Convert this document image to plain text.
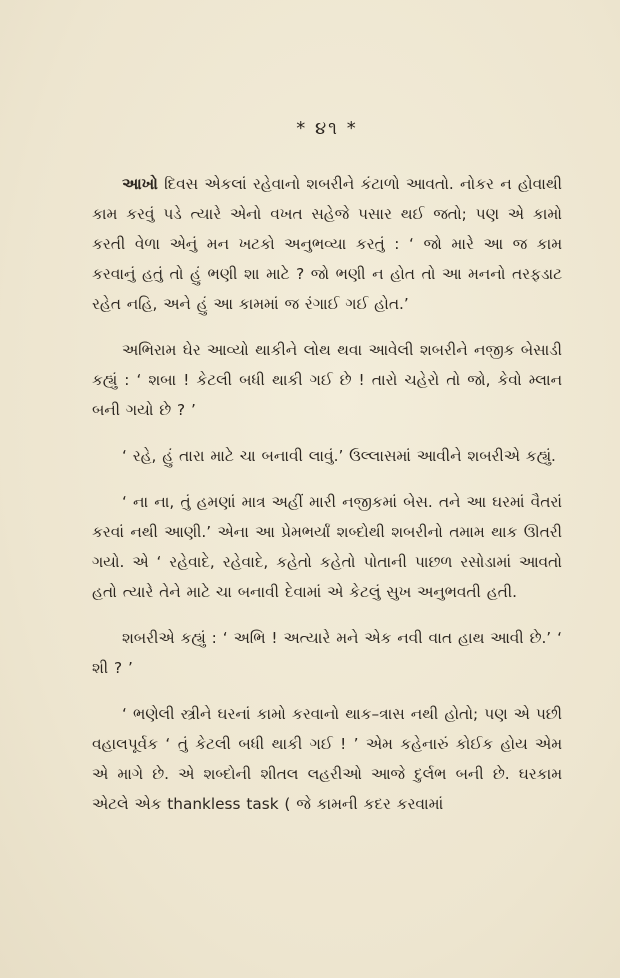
* ૪૧ *

આખો દિવસ એકલાં રહેવાનો શબરીને કંટાળો આવતો. નોકર ન હોવાથી કામ કરવું પડે ત્યારે એનો વખત સહેજે પસાર થઈ જતો; પણ એ કામો કરતી વેળા એનું મન ખટકો અનુભવ્યા કરતું : ‘ જો મારે આ જ કામ કરવાનું હતું તો હું ભણી શા માટે ? જો ભણી ન હોત તો આ મનનો તરફડાટ રહેત નહિ, અને હું આ કામમાં જ રંગાઈ ગઈ હોત.’

અભિરામ ઘેર આવ્યો થાકીને લોથ થવા આવેલી શબરીને નજીક બેસાડી કહ્યું : ‘ શબા ! કેટલી બધી થાકી ગઈ છે ! તારો ચહેરો તો જો, કેવો મ્લાન બની ગયો છે ? ’

‘ રહે, હું તારા માટે ચા બનાવી લાવું.’ ઉલ્લાસમાં આવીને શબરીએ કહ્યું.

‘ ના ના, તું હમણાં માત્ર અહીં મારી નજીકમાં બેસ. તને આ ઘરમાં વૈતરાં કરવાં નથી આણી.’ એના આ પ્રેમભર્યાં શબ્દોથી શબરીનો તમામ થાક ઊતરી ગયો. એ ‘ રહેવાદે, રહેવાદે, કહેતો કહેતો પોતાની પાછળ રસોડામાં આવતો હતો ત્યારે તેને માટે ચા બનાવી દેવામાં એ કેટલું સુખ અનુભવતી હતી.

શબરીએ કહ્યું : ‘ અભિ ! અત્યારે મને એક નવી વાત હાથ આવી છે.’ ‘ શી ? ’

‘ ભણેલી સ્ત્રીને ઘરનાં કામો કરવાનો થાક–ત્રાસ નથી હોતો; પણ એ પછી વહાલપૂર્વક ‘ તું કેટલી બધી થાકી ગઈ ! ’ એમ કહેનારું કોઈક હોય એમ એ માગે છે. એ શબ્દોની શીતલ લહરીઓ આજે દુર્લભ બની છે. ઘરકામ એટલે એક thankless task ( જે કામની કદર કરવામાં
